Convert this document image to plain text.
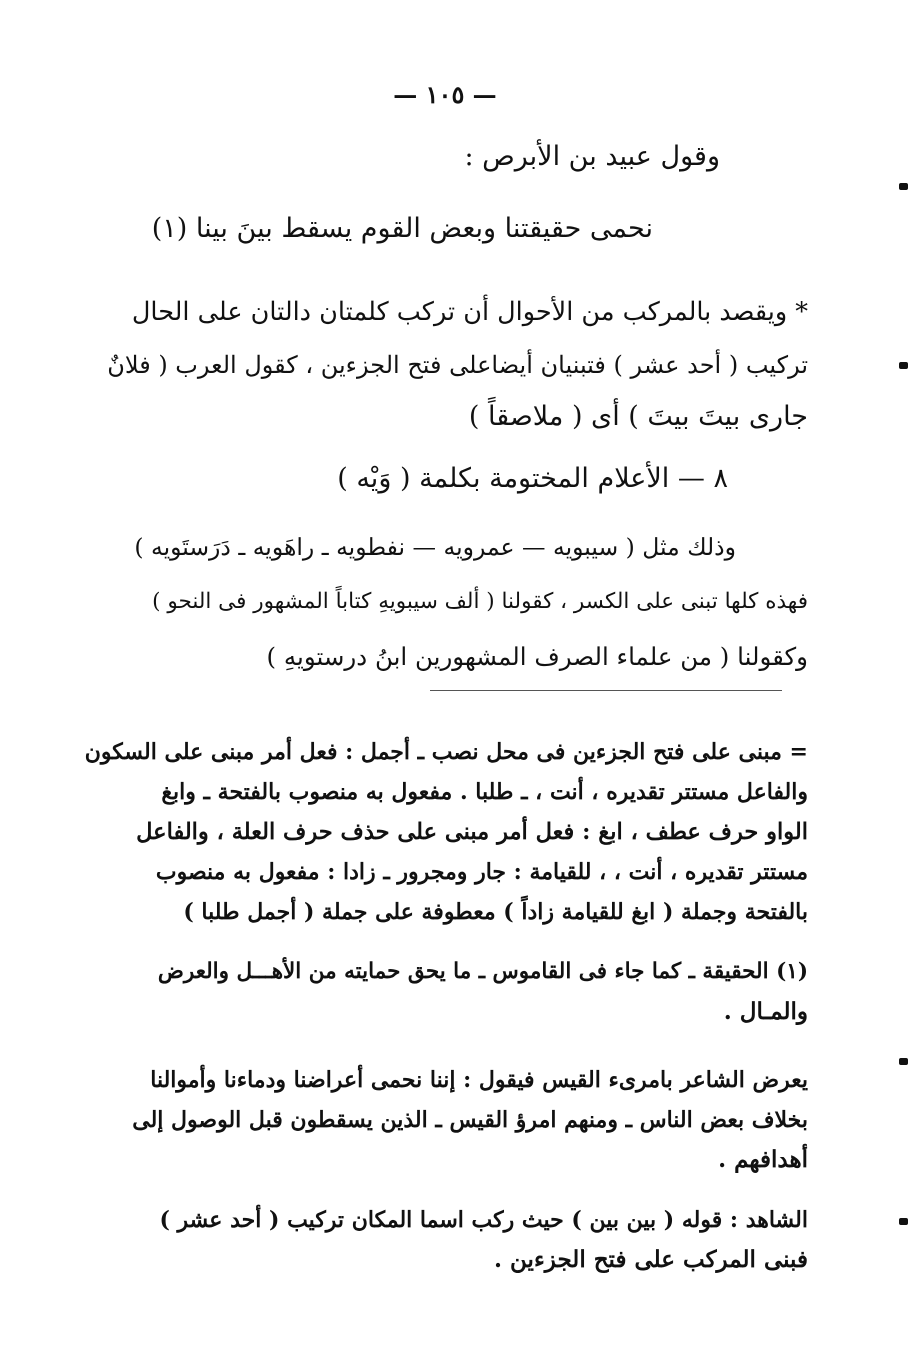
— ١٠٥ —
وقول عبيد بن الأبرص :
نحمى حقيقتنا وبعض القوم يسقط بينَ بينا (١)
* ويقصد بالمركب من الأحوال أن تركب كلمتان دالتان على الحال
تركيب ( أحد عشر ) فتبنيان أيضاعلى فتح الجزءين ، كقول العرب ( فلانٌ
جارى بيتَ بيتَ ) أى ( ملاصقاً )
٨ — الأعلام المختومة بكلمة ( وَيْه )
وذلك مثل ( سيبويه — عمرويه — نفطويه ـ راهَويه ـ دَرَستَويه )
فهذه كلها تبنى على الكسر ، كقولنا ( ألف سيبويهِ كتاباً المشهور فى النحو )
وكقولنا ( من علماء الصرف المشهورين ابنُ درستويهِ )
= مبنى على فتح الجزءين فى محل نصب ـ أجمل : فعل أمر مبنى على السكون
والفاعل مستتر تقديره ، أنت ، ـ طلبا . مفعول به منصوب بالفتحة ـ وابغ
الواو حرف عطف ، ابغ : فعل أمر مبنى على حذف حرف العلة ، والفاعل
مستتر تقديره ، أنت ، ، للقيامة : جار ومجرور ـ زادا : مفعول به منصوب
بالفتحة وجملة ( ابغ للقيامة زاداً ) معطوفة على جملة ( أجمل طلبا )
(١) الحقيقة ـ كما جاء فى القاموس ـ ما يحق حمايته من الأهـــل والعرض
والمـال .
يعرض الشاعر بامرىء القيس فيقول : إننا نحمى أعراضنا ودماءنا وأموالنا
بخلاف بعض الناس ـ ومنهم امرؤ القيس ـ الذين يسقطون قبل الوصول إلى
أهدافهم .
الشاهد : قوله ( بين بين ) حيث ركب اسما المكان تركيب ( أحد عشر )
فبنى المركب على فتح الجزءين .
